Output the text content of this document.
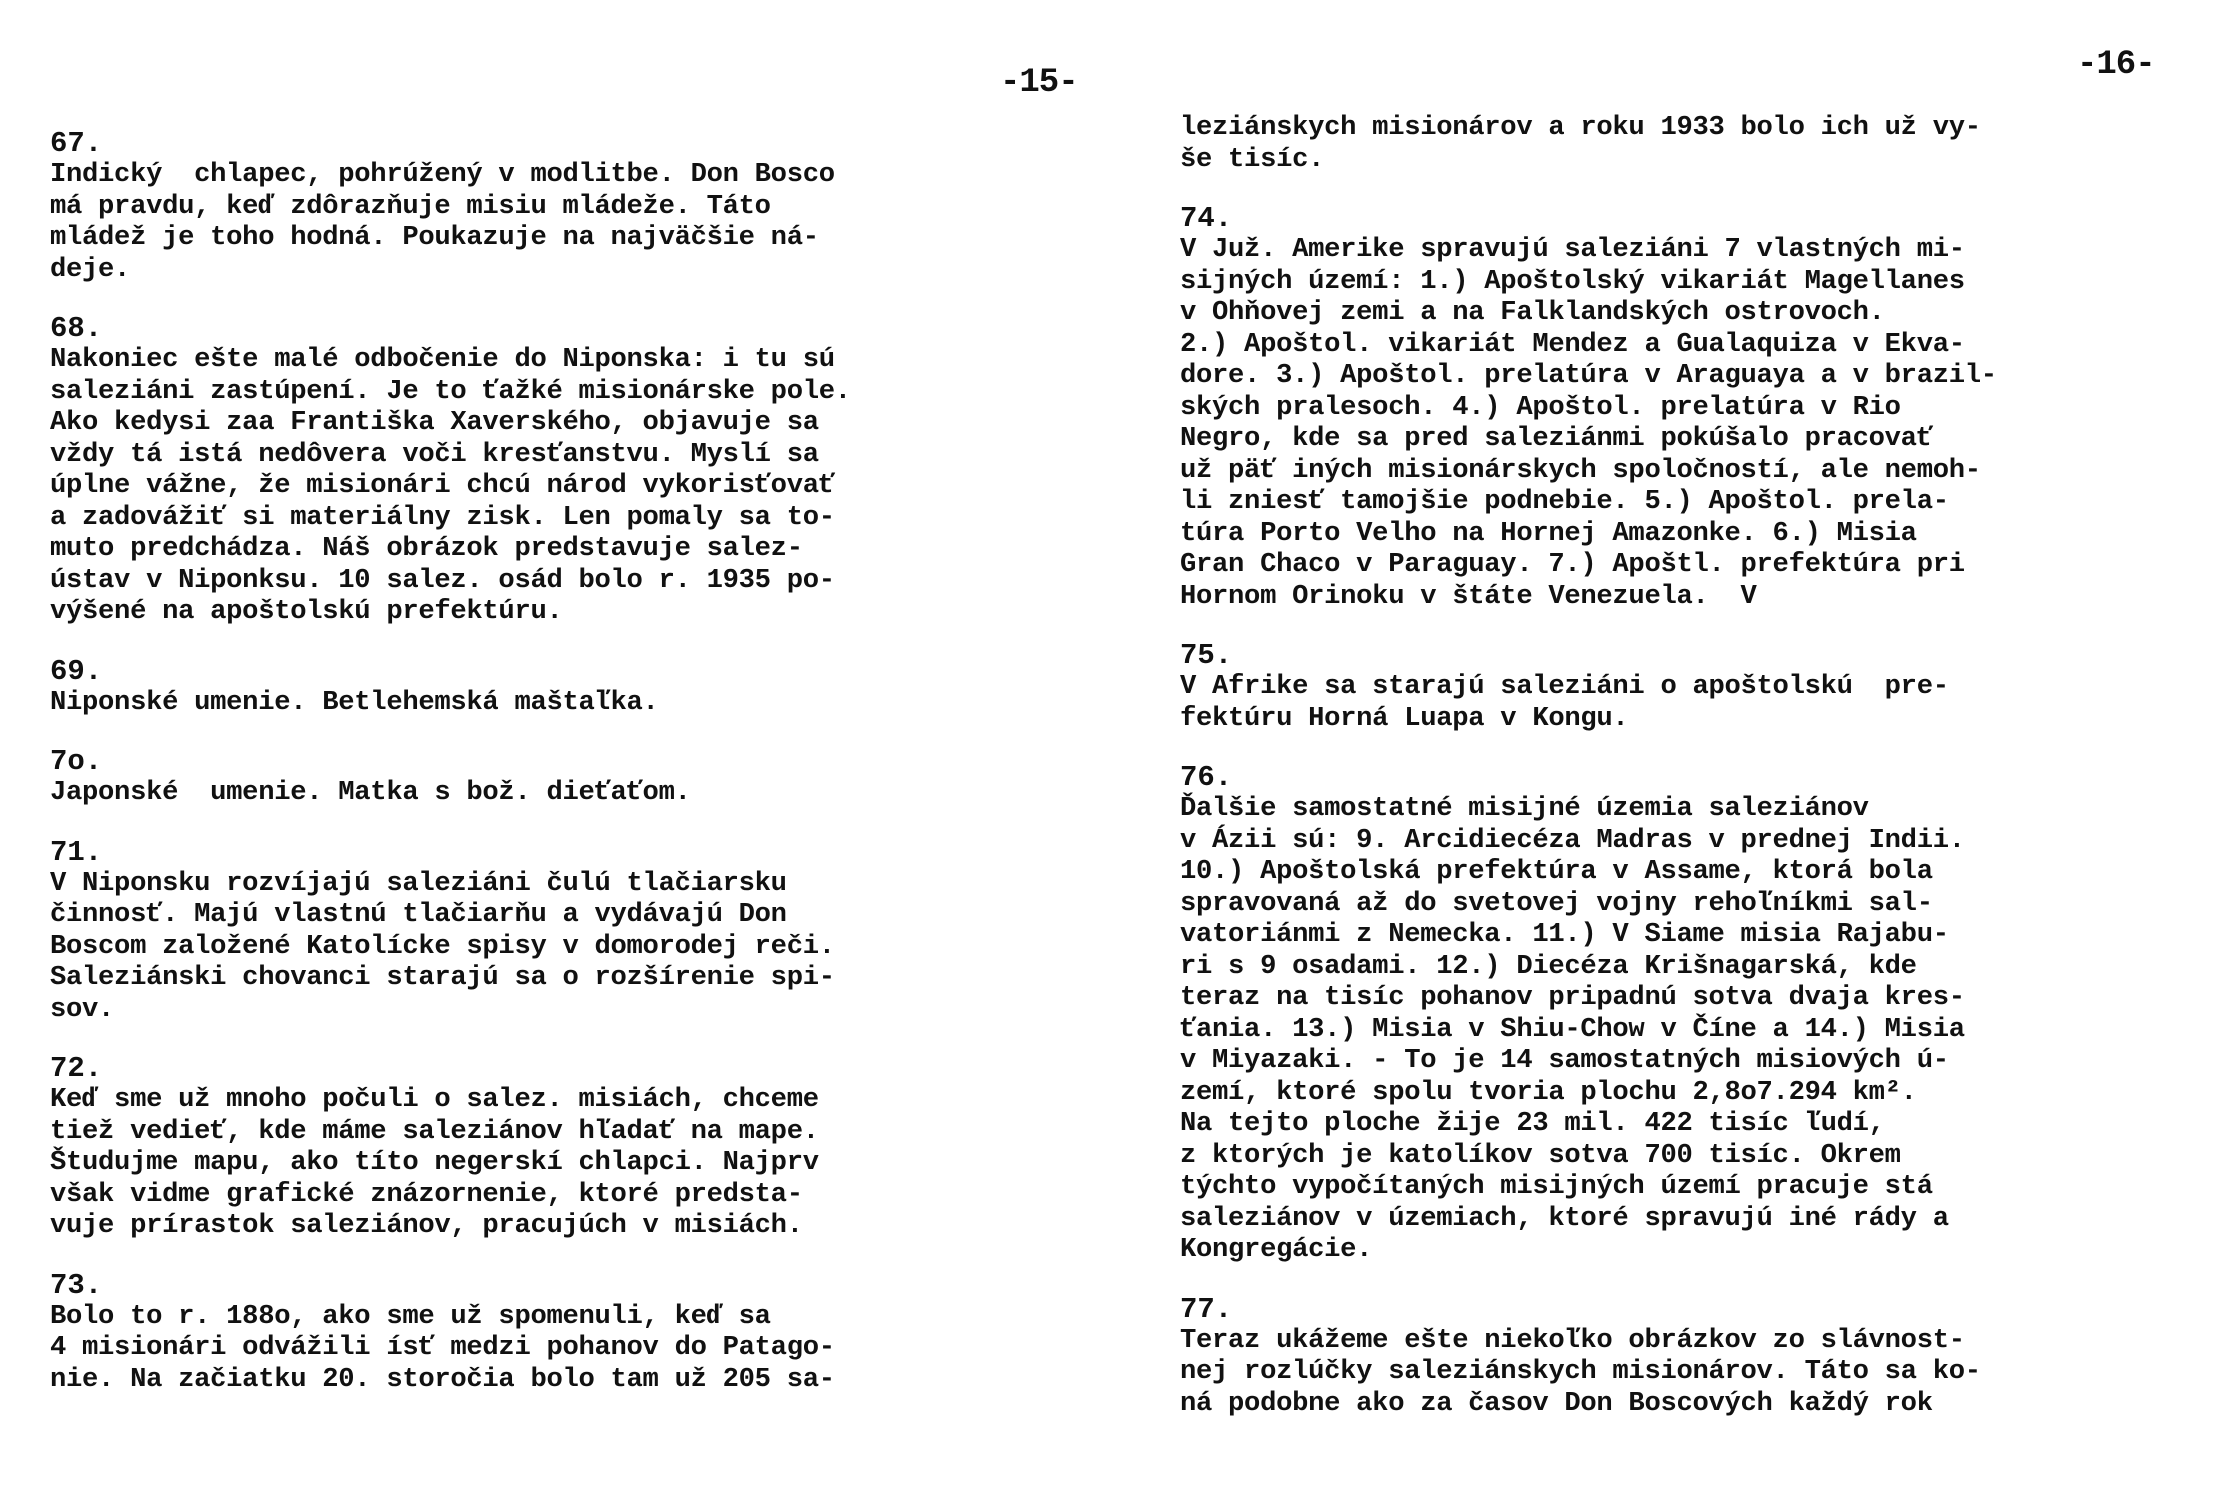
-15-
67.
Indický  chlapec, pohrúžený v modlitbe. Don Bosco
má pravdu, keď zdôrazňuje misiu mládeže. Táto
mládež je toho hodná. Poukazuje na najväčšie ná-
deje.
68.
Nakoniec ešte malé odbočenie do Niponska: i tu sú
saleziáni zastúpení. Je to ťažké misionárske pole.
Ako kedysi zaa Františka Xaverského, objavuje sa
vždy tá istá nedôvera voči kresťanstvu. Myslí sa
úplne vážne, že misionári chcú národ vykorisťovať
a zadovážiť si materiálny zisk. Len pomaly sa to-
muto predchádza. Náš obrázok predstavuje salez-
ústav v Niponksu. 10 salez. osád bolo r. 1935 po-
výšené na apoštolskú prefektúru.
69.
Niponské umenie. Betlehemská maštaľka.
7o.
Japonské  umenie. Matka s bož. dieťaťom.
71.
V Niponsku rozvíjajú saleziáni čulú tlačiarsku
činnosť. Majú vlastnú tlačiarňu a vydávajú Don
Boscom založené Katolícke spisy v domorodej reči.
Saleziánski chovanci starajú sa o rozšírenie spi-
sov.
72.
Keď sme už mnoho počuli o salez. misiách, chceme
tiež vedieť, kde máme saleziánov hľadať na mape.
Študujme mapu, ako títo negerskí chlapci. Najprv
však vidme grafické znázornenie, ktoré predsta-
vuje prírastok saleziánov, pracujúch v misiách.
73.
Bolo to r. 188o, ako sme už spomenuli, keď sa
4 misionári odvážili ísť medzi pohanov do Patago-
nie. Na začiatku 20. storočia bolo tam už 205 sa-
-16-
leziánskych misionárov a roku 1933 bolo ich už vy-
še tisíc.
74.
V Juž. Amerike spravujú saleziáni 7 vlastných mi-
sijných území: 1.) Apoštolský vikariát Magellanes
v Ohňovej zemi a na Falklandských ostrovoch.
2.) Apoštol. vikariát Mendez a Gualaquiza v Ekva-
dore. 3.) Apoštol. prelatúra v Araguaya a v brazil-
ských pralesoch. 4.) Apoštol. prelatúra v Rio
Negro, kde sa pred saleziánmi pokúšalo pracovať
už päť iných misionárskych spoločností, ale nemoh-
li zniesť tamojšie podnebie. 5.) Apoštol. prela-
túra Porto Velho na Hornej Amazonke. 6.) Misia
Gran Chaco v Paraguay. 7.) Apoštl. prefektúra pri
Hornom Orinoku v štáte Venezuela.  V
75.
V Afrike sa starajú saleziáni o apoštolskú  pre-
fektúru Horná Luapa v Kongu.
76.
Ďalšie samostatné misijné územia saleziánov
v Ázii sú: 9. Arcidiecéza Madras v prednej Indii.
10.) Apoštolská prefektúra v Assame, ktorá bola
spravovaná až do svetovej vojny rehoľníkmi sal-
vatoriánmi z Nemecka. 11.) V Siame misia Rajabu-
ri s 9 osadami. 12.) Diecéza Krišnagarská, kde
teraz na tisíc pohanov pripadnú sotva dvaja kres-
ťania. 13.) Misia v Shiu-Chow v Číne a 14.) Misia
v Miyazaki. - To je 14 samostatných misiových ú-
zemí, ktoré spolu tvoria plochu 2,8o7.294 km².
Na tejto ploche žije 23 mil. 422 tisíc ľudí,
z ktorých je katolíkov sotva 700 tisíc. Okrem
týchto vypočítaných misijných území pracuje stá
saleziánov v územiach, ktoré spravujú iné rády a
Kongregácie.
77.
Teraz ukážeme ešte niekoľko obrázkov zo slávnost-
nej rozlúčky saleziánskych misionárov. Táto sa ko-
ná podobne ako za časov Don Boscových každý rok
